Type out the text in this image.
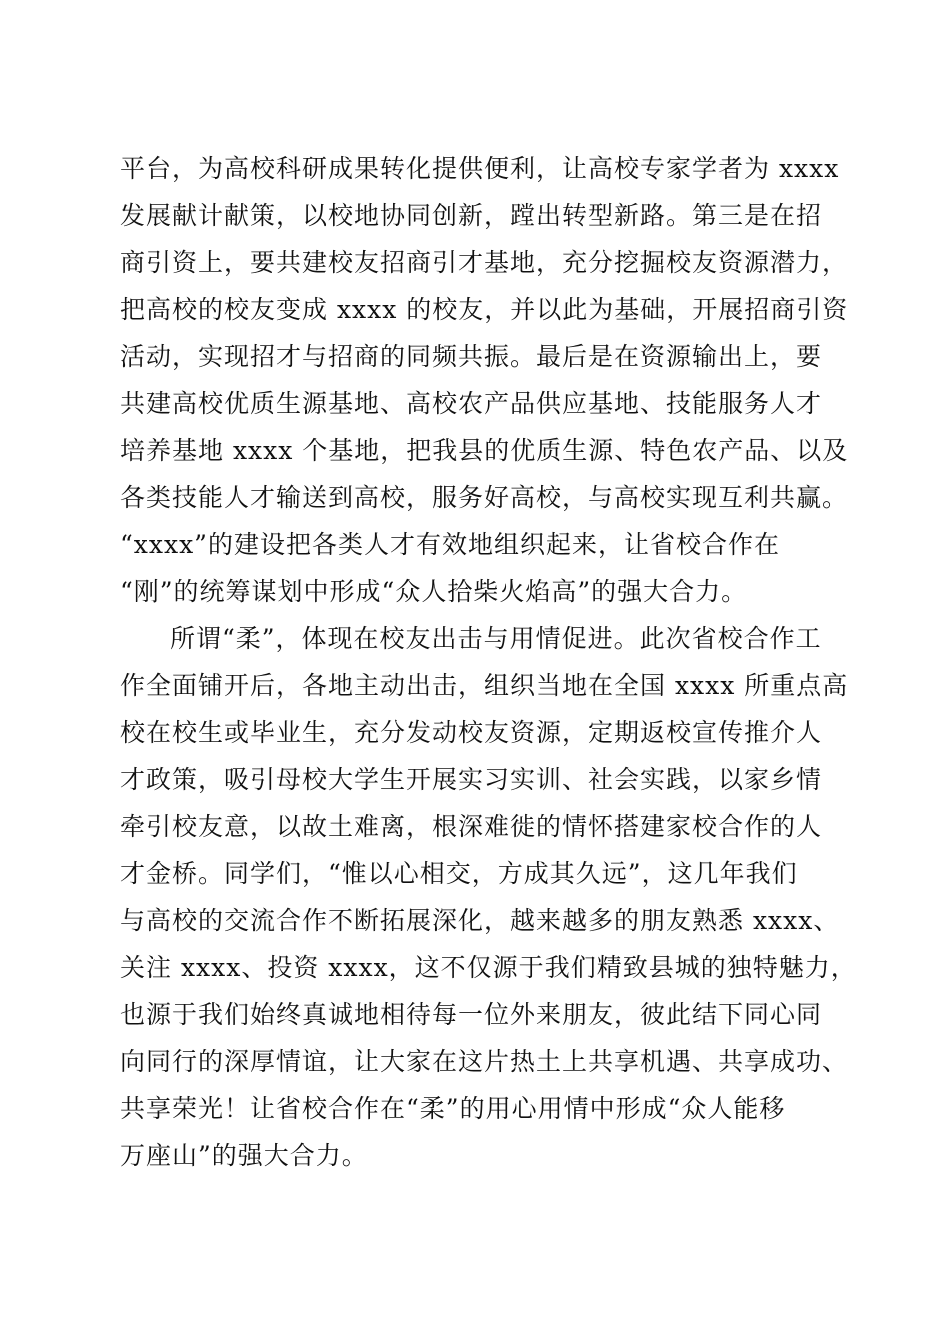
平台，为高校科研成果转化提供便利，让高校专家学者为 xxxx
发展献计献策，以校地协同创新，蹚出转型新路。第三是在招
商引资上，要共建校友招商引才基地，充分挖掘校友资源潜力，
把高校的校友变成 xxxx 的校友，并以此为基础，开展招商引资
活动，实现招才与招商的同频共振。最后是在资源输出上，要
共建高校优质生源基地、高校农产品供应基地、技能服务人才
培养基地 xxxx 个基地，把我县的优质生源、特色农产品、以及
各类技能人才输送到高校，服务好高校，与高校实现互利共赢。
“xxxx”的建设把各类人才有效地组织起来，让省校合作在
“刚”的统筹谋划中形成“众人拾柴火焰高”的强大合力。
所谓“柔”，体现在校友出击与用情促进。此次省校合作工
作全面铺开后，各地主动出击，组织当地在全国 xxxx 所重点高
校在校生或毕业生，充分发动校友资源，定期返校宣传推介人
才政策，吸引母校大学生开展实习实训、社会实践，以家乡情
牵引校友意，以故土难离，根深难徙的情怀搭建家校合作的人
才金桥。同学们，“惟以心相交，方成其久远”，这几年我们
与高校的交流合作不断拓展深化，越来越多的朋友熟悉 xxxx、
关注 xxxx、投资 xxxx，这不仅源于我们精致县城的独特魅力，
也源于我们始终真诚地相待每一位外来朋友，彼此结下同心同
向同行的深厚情谊，让大家在这片热土上共享机遇、共享成功、
共享荣光！让省校合作在“柔”的用心用情中形成“众人能移
万座山”的强大合力。
